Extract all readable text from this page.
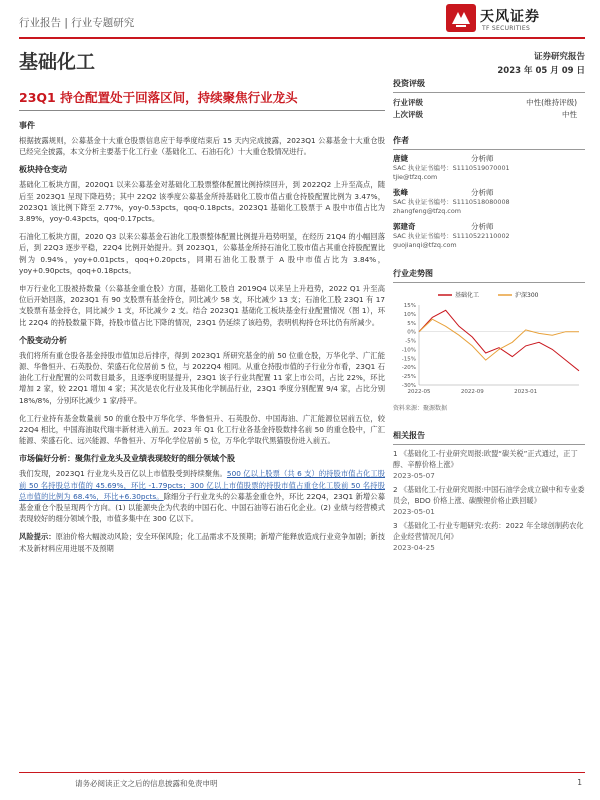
行业报告 | 行业专题研究	天风证券
TF SECURITIES
基础化工	证券研究报告
2023 年 05 月 09 日
23Q1 持仓配置处于回落区间，持续聚焦行业龙头
事件

根据披露规则，公募基金十大重仓股票信息应于每季度结束后 15 天内完成披露，2023Q1 公募基金十大重仓股已经完全披露，本文分析主要基于化工行业（基础化工、石油石化）十大重仓股情况进行。

板块持仓变动

基础化工板块方面，2020Q1 以来公募基金对基础化工股票整体配置比例持续回升，到 2022Q2 上升至高点，随后至 2023Q1 呈现下降趋势；其中 22Q2 该季度公募基金所持基础化工股市值占重仓持股配置比例为 3.47%，2023Q1 该比例下降至 2.77%，yoy-0.53pcts，qoq-0.18pcts。2023Q1 基础化工股票于 A 股中市值占比为 3.89%，yoy-0.43pcts，qoq-0.17pcts。

石油化工板块方面，2020 Q3 以来公募基金石油化工股票整体配置比例提升趋势明显，在经历 21Q4 的小幅回落后，到 22Q3 逐步平稳，22Q4 比例开始提升。到 2023Q1，公募基金所持石油化工股市值占其重仓持股配置比例为 0.94%，yoy+0.01pcts，qoq+0.20pcts，同期石油化工股票于 A 股中市值占比为 3.84%，yoy+0.90pcts，qoq+0.18pcts。

申万行业化工股被持数量（公募基金重仓股）方面，基础化工股自 2019Q4 以来呈上升趋势，2022 Q1 升至高位后开始回落，2023Q1 有 90 支股票有基金持仓，同比减少 58 支，环比减少 13 支；石油化工股 23Q1 有 17 支股票有基金持仓，同比减少 1 支，环比减少 2 支。结合 2023Q1 基础化工板块基金行业配置情况（图 1），环比 22Q4 的持股数量下降，持股市值占比下降的情况，23Q1 仍延续了该趋势，表明机构持仓环比仍有所减少。

个股变动分析

我们将所有重仓股各基金持股市值加总后排序，得到 2023Q1 所研究基金的前 50 位重仓股，万华化学、广汇能源、华鲁恒升、石英股份、荣盛石化位居前 5 位，与 2022Q4 相同。从重仓持股市值的子行业分布看，23Q1 石油化工行业配置的公司数目最多，且逐季度明显提升，23Q1 该子行业共配置 11 家上市公司，占比 22%，环比增加 2 家，较 22Q1 增加 4 家；其次是农化行业及其他化学制品行业，23Q1 季度分别配置 9/4 家，占比分别 18%/8%，分别环比减少 1 家/持平。

化工行业持有基金数量前 50 的重仓股中万华化学、华鲁恒升、石英股份、中国海油、广汇能源位居前五位，较 22Q4 相比，中国海油取代瑞丰新材进入前五。2023 年 Q1 化工行业各基金持股数排名前 50 的重仓股中，广汇能源、荣盛石化、远兴能源、华鲁恒升、万华化学位居前 5 位，万华化学取代黑猫股份进入前五。

市场偏好分析：聚焦行业龙头及业绩表现较好的细分领域个股

我们发现，2023Q1 行业龙头及百亿以上市值股受到持续聚焦。500 亿以上股票（共 6 支）的持股市值占化工股前 50 名持股总市值的 45.69%，环比 -1.79pcts；300 亿以上市值股票的持股市值占重仓化工股前 50 名持股总市值的比例为 68.4%，环比+6.30pcts。除细分子行业龙头的公募基金重仓外，环比 22Q4，23Q1 新增公募基金重仓个股呈现两个方向。(1) 以能源央企为代表的中国石化、中国石油等石油石化企业。(2) 业绩与经营模式表现较好的细分领域个股，市值多集中在 300 亿以下。

风险提示：原油价格大幅波动风险；安全环保风险；化工品需求不及预期；新增产能释放造成行业竞争加剧；新技术及新材料应用进展不及预期

投资评级
行业评级	中性(维持评级)
上次评级	中性
作者
唐婕	分析师
SAC 执业证书编号：S1110519070001
tjie@tfzq.com
张峰	分析师
SAC 执业证书编号：S1110518080008
zhangfeng@tfzq.com
郭建奇	分析师
SAC 执业证书编号：S1110522110002
guojianqi@tfzq.com
行业走势图
15%
10%
5%
0%
-5%
-10%
-15%
-20%
-25%
-30%
2022-05	2022-09	2023-01
基础化工	沪深300
资料来源：聚源数据
相关报告
1 《基础化工-行业研究周报:欧盟“碳关税”正式通过，正丁醇、辛醇价格上涨》
2023-05-07
2 《基础化工-行业研究周报:中国石油学会成立碳中和专业委员会，BDO 价格上涨、碳酸锂价格止跌回暖》
2023-05-01
3 《基础化工-行业专题研究:农药：2022 年全球创制药农化企业经营情况几何》
2023-04-25
请务必阅读正文之后的信息披露和免责申明	1
